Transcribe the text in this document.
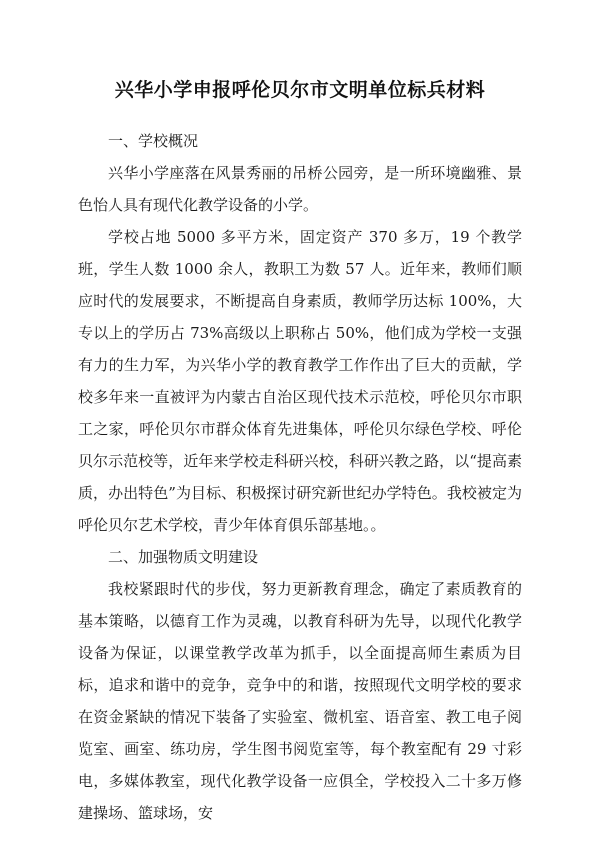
兴华小学申报呼伦贝尔市文明单位标兵材料
一、学校概况

兴华小学座落在风景秀丽的吊桥公园旁，是一所环境幽雅、景色怡人具有现代化教学设备的小学。

学校占地 5000 多平方米，固定资产 370 多万，19 个教学班，学生人数 1000 余人，教职工为数 57 人。近年来，教师们顺应时代的发展要求，不断提高自身素质，教师学历达标 100%，大专以上的学历占 73%高级以上职称占 50%，他们成为学校一支强有力的生力军，为兴华小学的教育教学工作作出了巨大的贡献，学校多年来一直被评为内蒙古自治区现代技术示范校，呼伦贝尔市职工之家，呼伦贝尔市群众体育先进集体，呼伦贝尔绿色学校、呼伦贝尔示范校等，近年来学校走科研兴校，科研兴教之路，以“提高素质，办出特色”为目标、积极探讨研究新世纪办学特色。我校被定为呼伦贝尔艺术学校，青少年体育俱乐部基地。。

二、加强物质文明建设

我校紧跟时代的步伐，努力更新教育理念，确定了素质教育的基本策略，以德育工作为灵魂，以教育科研为先导，以现代化教学设备为保证，以课堂教学改革为抓手，以全面提高师生素质为目标，追求和谐中的竞争，竞争中的和谐，按照现代文明学校的要求在资金紧缺的情况下装备了实验室、微机室、语音室、教工电子阅览室、画室、练功房，学生图书阅览室等，每个教室配有 29 寸彩电，多媒体教室，现代化教学设备一应俱全，学校投入二十多万修建操场、篮球场，安
